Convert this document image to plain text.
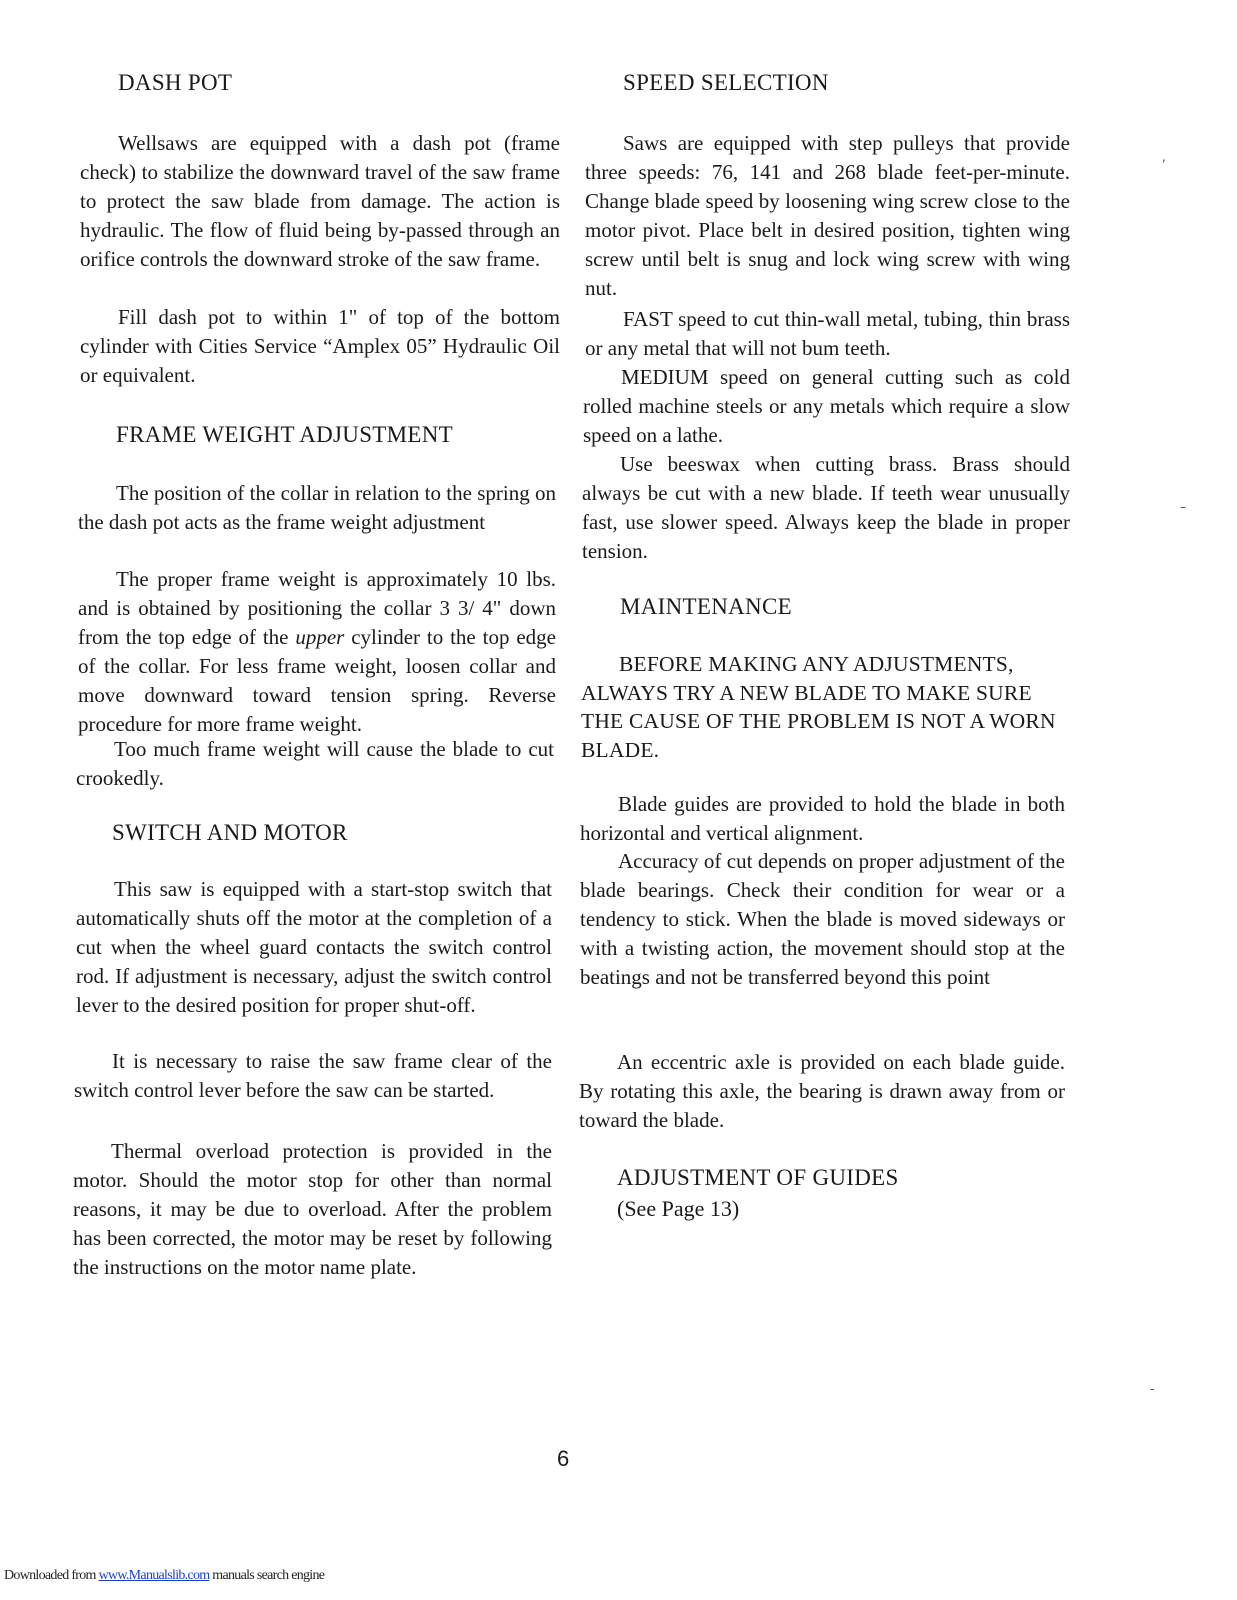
DASH POT

Wellsaws are equipped with a dash pot (frame check) to stabilize the downward travel of the saw frame to protect the saw blade from damage. The action is hydraulic. The flow of fluid being by-passed through an orifice controls the downward stroke of the saw frame.

Fill dash pot to within 1" of top of the bottom cylinder with Cities Service “Amplex 05” Hydraulic Oil or equivalent.

FRAME WEIGHT ADJUSTMENT

The position of the collar in relation to the spring on the dash pot acts as the frame weight adjustment

The proper frame weight is approximately 10 lbs. and is obtained by positioning the collar 3 3/ 4" down from the top edge of the upper cylinder to the top edge of the collar. For less frame weight, loosen collar and move downward toward tension spring. Reverse procedure for more frame weight.

Too much frame weight will cause the blade to cut crookedly.

SWITCH AND MOTOR

This saw is equipped with a start-stop switch that automatically shuts off the motor at the completion of a cut when the wheel guard contacts the switch control rod. If adjustment is necessary, adjust the switch control lever to the desired position for proper shut-off.

It is necessary to raise the saw frame clear of the switch control lever before the saw can be started.

Thermal overload protection is provided in the motor. Should the motor stop for other than normal reasons, it may be due to overload. After the problem has been corrected, the motor may be reset by following the instructions on the motor name plate.

SPEED SELECTION

Saws are equipped with step pulleys that provide three speeds: 76, 141 and 268 blade feet-per-minute. Change blade speed by loosening wing screw close to the motor pivot. Place belt in desired position, tighten wing screw until belt is snug and lock wing screw with wing nut.

FAST speed to cut thin-wall metal, tubing, thin brass or any metal that will not bum teeth.

MEDIUM speed on general cutting such as cold rolled machine steels or any metals which require a slow speed on a lathe.

Use beeswax when cutting brass. Brass should always be cut with a new blade. If teeth wear unusually fast, use slower speed. Always keep the blade in proper tension.

MAINTENANCE

BEFORE MAKING ANY ADJUSTMENTS, ALWAYS TRY A NEW BLADE TO MAKE SURE THE CAUSE OF THE PROBLEM IS NOT A WORN BLADE.

Blade guides are provided to hold the blade in both horizontal and vertical alignment.

Accuracy of cut depends on proper adjustment of the blade bearings. Check their condition for wear or a tendency to stick. When the blade is moved sideways or with a twisting action, the movement should stop at the beatings and not be transferred beyond this point

An eccentric axle is provided on each blade guide. By rotating this axle, the bearing is drawn away from or toward the blade.

ADJUSTMENT OF GUIDES

(See Page 13)

6
Downloaded from www.Manualslib.com manuals search engine
,
–
-
